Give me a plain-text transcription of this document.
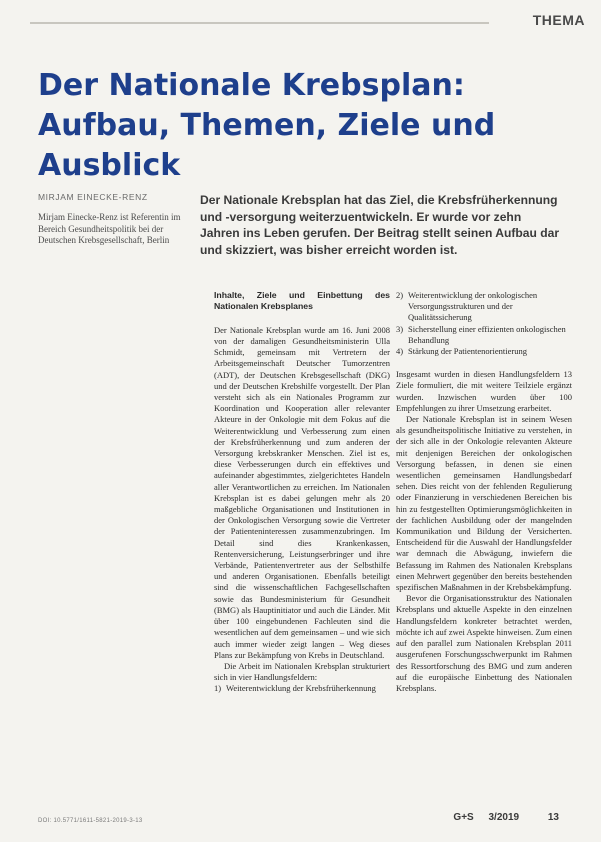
THEMA
Der Nationale Krebsplan: Aufbau, Themen, Ziele und Ausblick
MIRJAM EINECKE-RENZ
Mirjam Einecke-Renz ist Referentin im Bereich Gesundheitspolitik bei der Deutschen Krebsgesellschaft, Berlin

Der Nationale Krebsplan hat das Ziel, die Krebsfrüherkennung und -versorgung weiterzuentwickeln. Er wurde vor zehn Jahren ins Leben gerufen. Der Beitrag stellt seinen Aufbau dar und skizziert, was bisher erreicht worden ist.

Inhalte, Ziele und Einbettung des Nationalen Krebsplanes

Der Nationale Krebsplan wurde am 16. Juni 2008 von der damaligen Gesundheitsministerin Ulla Schmidt, gemeinsam mit Vertretern der Arbeitsgemeinschaft Deutscher Tumorzentren (ADT), der Deutschen Krebsgesellschaft (DKG) und der Deutschen Krebshilfe vorgestellt. Der Plan versteht sich als ein Nationales Programm zur Koordination und Kooperation aller relevanter Akteure in der Onkologie mit dem Fokus auf die Weiterentwicklung und Verbesserung zum einen der Krebsfrüherkennung und zum anderen der Versorgung krebskranker Menschen. Ziel ist es, diese Verbesserungen durch ein effektives und aufeinander abgestimmtes, zielgerichtetes Handeln aller Verantwortlichen zu erreichen. Im Nationalen Krebsplan ist es dabei gelungen mehr als 20 maßgebliche Organisationen und Institutionen in der Onkologischen Versorgung sowie die Vertreter der Patienteninteressen zusammenzubringen. Im Detail sind dies Krankenkassen, Rentenversicherung, Leistungserbringer und ihre Verbände, Patientenvertreter aus der Selbsthilfe und anderen Organisationen. Ebenfalls beteiligt sind die wissenschaftlichen Fachgesellschaften sowie das Bundesministerium für Gesundheit (BMG) als Hauptinitiator und auch die Länder. Mit über 100 eingebundenen Fachleuten sind die wesentlichen auf dem gemeinsamen – und wie sich auch immer wieder zeigt langen – Weg dieses Plans zur Bekämpfung von Krebs in Deutschland.

Die Arbeit im Nationalen Krebsplan strukturiert sich in vier Handlungsfeldern:

1) Weiterentwicklung der Krebsfrüherkennung
2) Weiterentwicklung der onkologischen Versorgungsstrukturen und der Qualitätssicherung
3) Sicherstellung einer effizienten onkologischen Behandlung
4) Stärkung der Patientenorientierung

Insgesamt wurden in diesen Handlungsfeldern 13 Ziele formuliert, die mit weitere Teilziele ergänzt wurden. Inzwischen wurden über 100 Empfehlungen zu ihrer Umsetzung erarbeitet.

Der Nationale Krebsplan ist in seinem Wesen als gesundheitspolitische Initiative zu verstehen, in der sich alle in der Onkologie relevanten Akteure mit denjenigen Bereichen der onkologischen Versorgung befassen, in denen sie einen wesentlichen gemeinsamen Handlungsbedarf sehen. Dies reicht von der fehlenden Regulierung oder Finanzierung in verschiedenen Bereichen bis hin zu festgestellten Optimierungsmöglichkeiten in der fachlichen Ausbildung oder der mangelnden Kommunikation und Bildung der Versicherten. Entscheidend für die Auswahl der Handlungsfelder war demnach die Abwägung, inwiefern die Befassung im Rahmen des Nationalen Krebsplans einen Mehrwert gegenüber den bereits bestehenden spezifischen Maßnahmen in der Krebsbekämpfung.

Bevor die Organisationsstruktur des Nationalen Krebsplans und aktuelle Aspekte in den einzelnen Handlungsfeldern konkreter betrachtet werden, möchte ich auf zwei Aspekte hinweisen. Zum einen auf den parallel zum Nationalen Krebsplan 2011 ausgerufenen Forschungsschwerpunkt im Rahmen des Ressortforschung des BMG und zum anderen auf die europäische Einbettung des Nationalen Krebsplans.

DOI: 10.5771/1611-5821-2019-3-13	G+S 3/2019	13
